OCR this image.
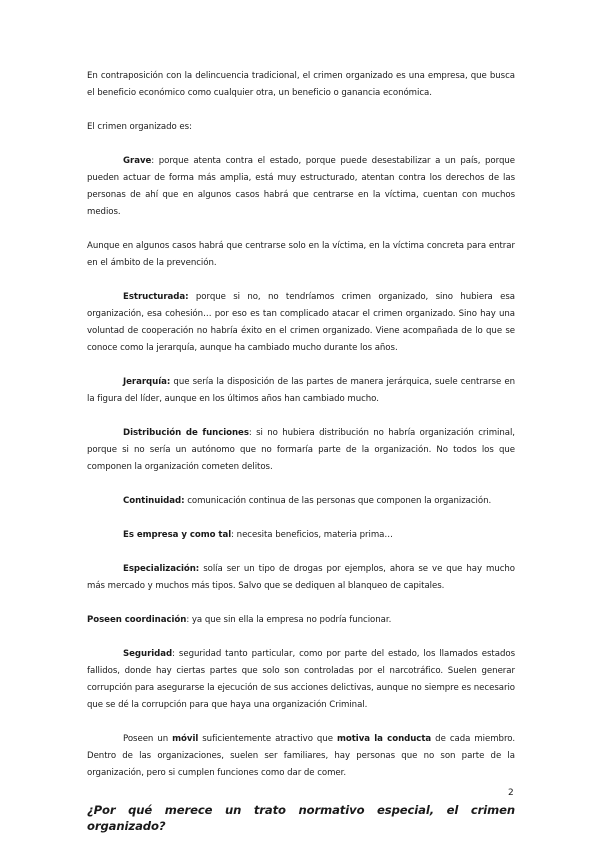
En contraposición con la delincuencia tradicional, el crimen organizado es una empresa, que busca el beneficio económico como cualquier otra, un beneficio o ganancia económica.

El crimen organizado es:

Grave: porque atenta contra el estado, porque puede desestabilizar a un país, porque pueden actuar de forma más amplia, está muy estructurado, atentan contra los derechos de las personas de ahí que en algunos casos habrá que centrarse en la víctima, cuentan con muchos medios.

Aunque en algunos casos habrá que centrarse solo en la víctima, en la víctima concreta para entrar en el ámbito de la prevención.

Estructurada: porque si no, no tendríamos crimen organizado, sino hubiera esa organización, esa cohesión… por eso es tan complicado atacar el crimen organizado. Sino hay una voluntad de cooperación no habría éxito en el crimen organizado. Viene acompañada de lo que se conoce como la jerarquía, aunque ha cambiado mucho durante los años.

Jerarquía: que sería la disposición de las partes de manera jerárquica, suele centrarse en la figura del líder, aunque en los últimos años han cambiado mucho.

Distribución de funciones: si no hubiera distribución no habría organización criminal, porque si no sería un autónomo que no formaría parte de la organización. No todos los que componen la organización cometen delitos.

Continuidad: comunicación continua de las personas que componen la organización.

Es empresa y como tal: necesita beneficios, materia prima…

Especialización: solía ser un tipo de drogas por ejemplos, ahora se ve que hay mucho más mercado y muchos más tipos. Salvo que se dediquen al blanqueo de capitales.

Poseen coordinación: ya que sin ella la empresa no podría funcionar.

Seguridad: seguridad tanto particular, como por parte del estado, los llamados estados fallidos, donde hay ciertas partes que solo son controladas por el narcotráfico. Suelen generar corrupción para asegurarse la ejecución de sus acciones delictivas, aunque no siempre es necesario que se dé la corrupción para que haya una organización Criminal.

Poseen un móvil suficientemente atractivo que motiva la conducta de cada miembro. Dentro de las organizaciones, suelen ser familiares, hay personas que no son parte de la organización, pero si cumplen funciones como dar de comer.

¿Por qué merece un trato normativo especial, el crimen organizado?

2
